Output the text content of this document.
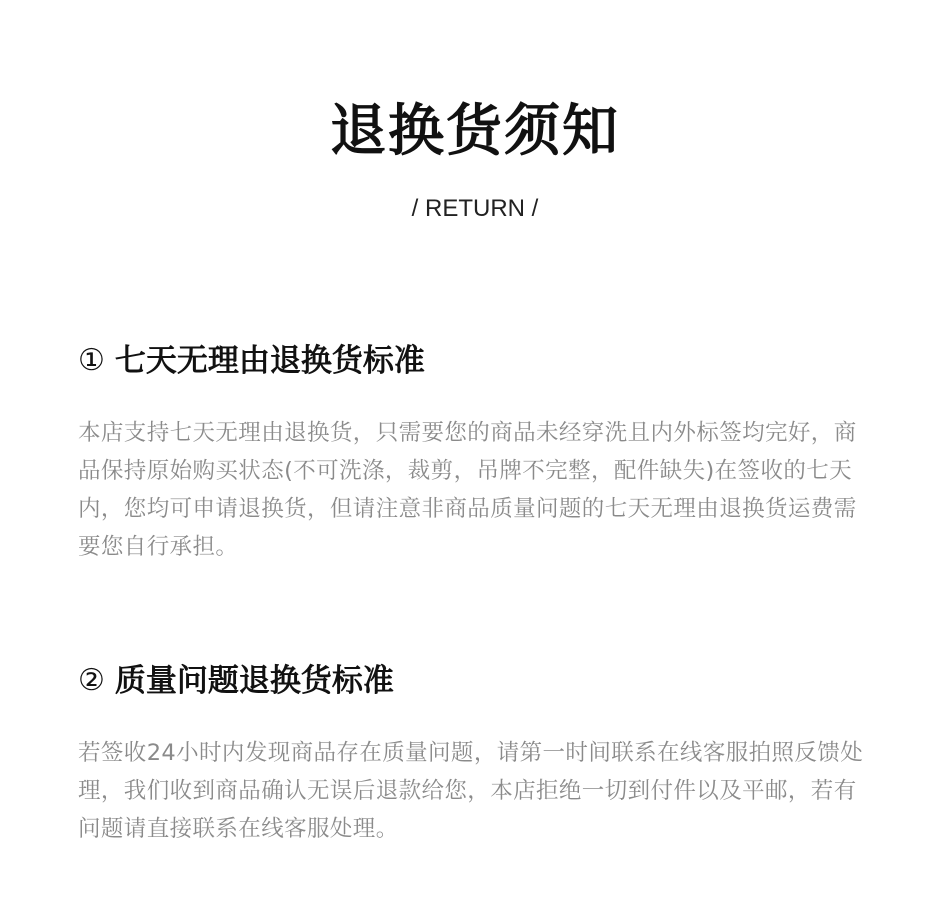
退换货须知
/ RETURN /
① 七天无理由退换货标准
本店支持七天无理由退换货，只需要您的商品未经穿洗且内外标签均完好，商品保持原始购买状态(不可洗涤，裁剪，吊牌不完整，配件缺失)在签收的七天内，您均可申请退换货，但请注意非商品质量问题的七天无理由退换货运费需要您自行承担。
② 质量问题退换货标准
若签收24小时内发现商品存在质量问题，请第一时间联系在线客服拍照反馈处理，我们收到商品确认无误后退款给您，本店拒绝一切到付件以及平邮，若有问题请直接联系在线客服处理。
